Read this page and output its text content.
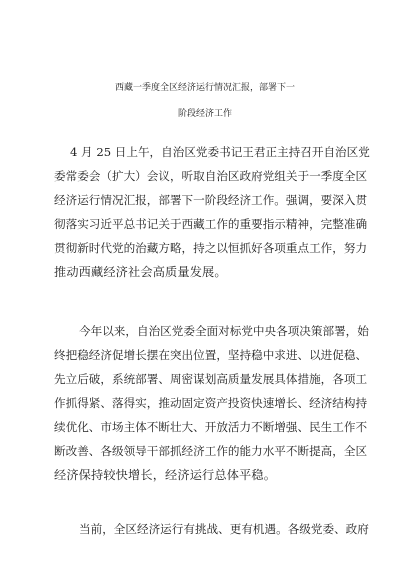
西藏一季度全区经济运行情况汇报，部署下一
阶段经济工作
4 月 25 日上午，自治区党委书记王君正主持召开自治区党
委常委会（扩大）会议，听取自治区政府党组关于一季度全区
经济运行情况汇报，部署下一阶段经济工作。强调，要深入贯
彻落实习近平总书记关于西藏工作的重要指示精神，完整准确
贯彻新时代党的治藏方略，持之以恒抓好各项重点工作，努力
推动西藏经济社会高质量发展。
今年以来，自治区党委全面对标党中央各项决策部署，始
终把稳经济促增长摆在突出位置，坚持稳中求进、以进促稳、
先立后破，系统部署、周密谋划高质量发展具体措施，各项工
作抓得紧、落得实，推动固定资产投资快速增长、经济结构持
续优化、市场主体不断壮大、开放活力不断增强、民生工作不
断改善、各级领导干部抓经济工作的能力水平不断提高，全区
经济保持较快增长，经济运行总体平稳。
当前，全区经济运行有挑战、更有机遇。各级党委、政府
